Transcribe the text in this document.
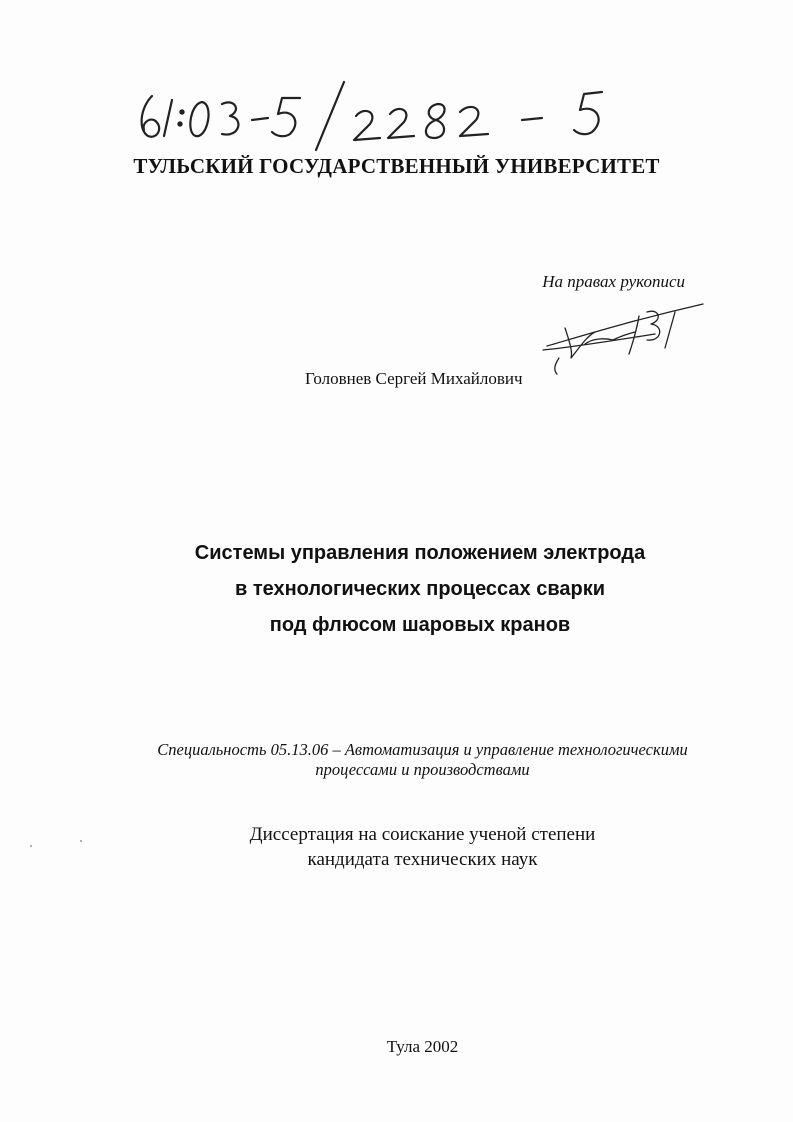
ТУЛЬСКИЙ ГОСУДАРСТВЕННЫЙ УНИВЕРСИТЕТ
На правах рукописи
Головнев Сергей Михайлович
Системы управления положением электрода
в технологических процессах сварки
под флюсом шаровых кранов
Специальность 05.13.06 – Автоматизация и управление технологическими
процессами и производствами
Диссертация на соискание ученой степени
кандидата технических наук
Тула 2002
